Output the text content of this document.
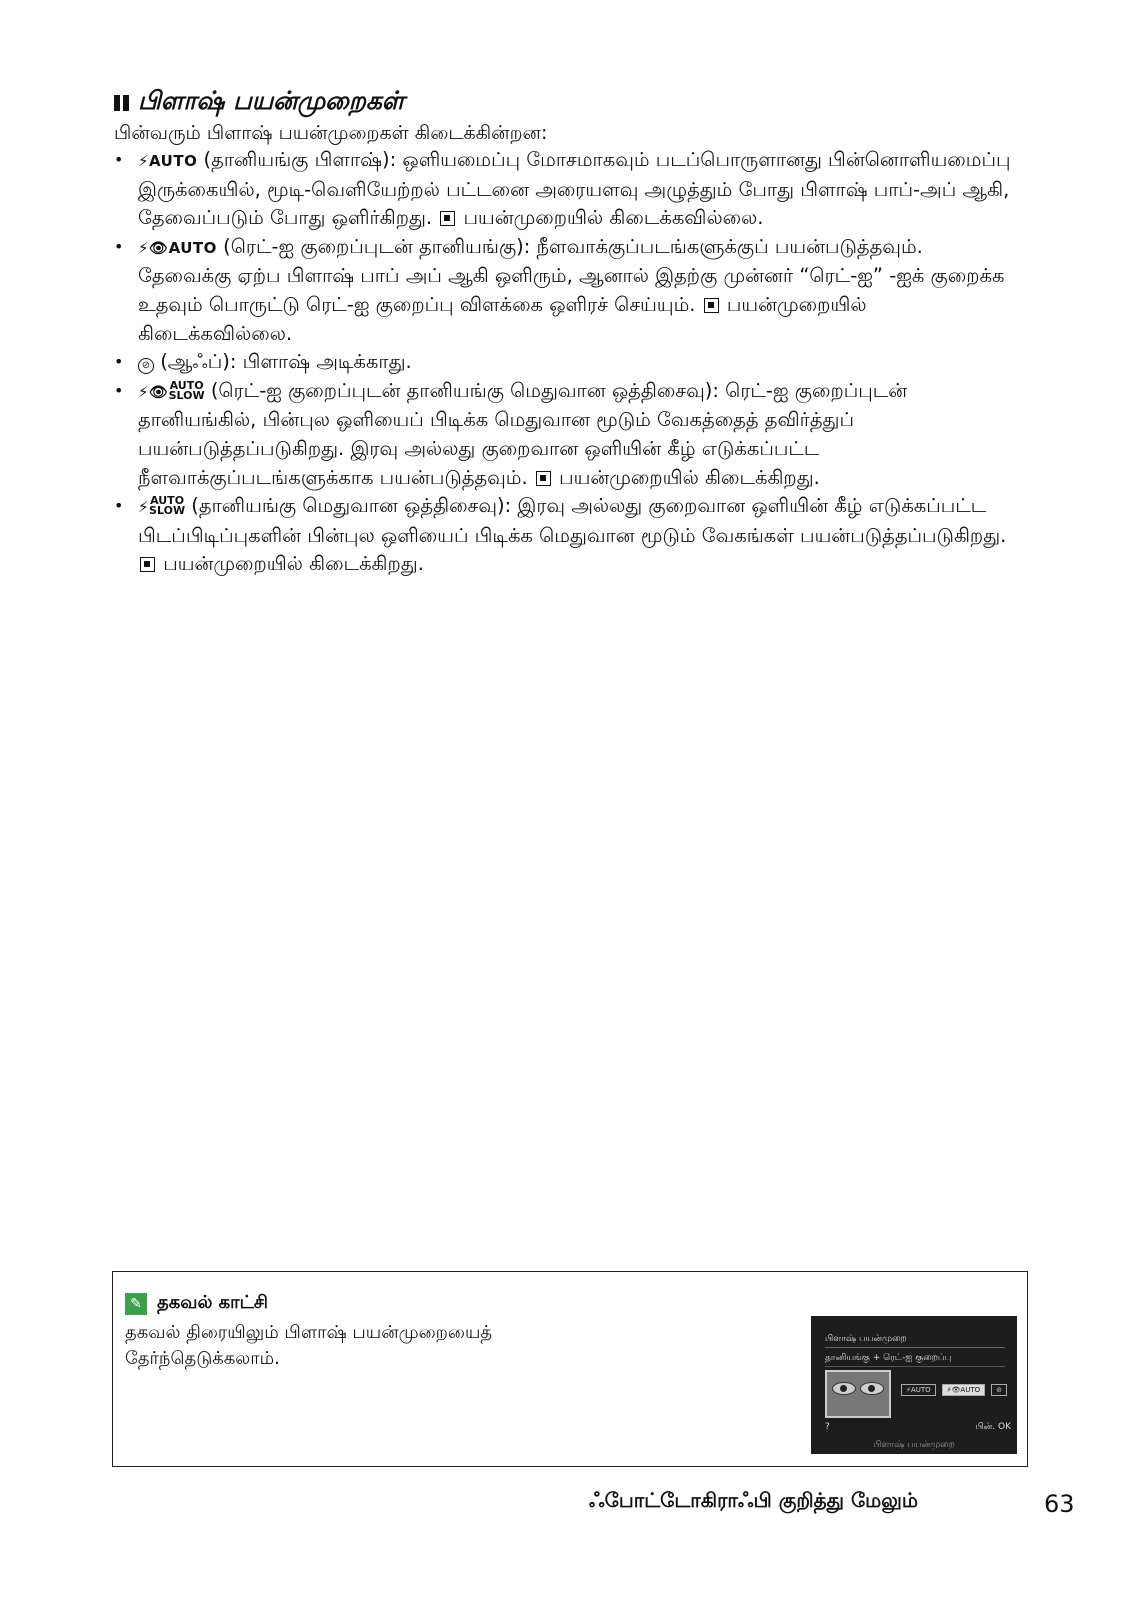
பிளாஷ் பயன்முறைகள்
பின்வரும் பிளாஷ் பயன்முறைகள் கிடைக்கின்றன:
• ⚡AUTO (தானியங்கு பிளாஷ்): ஒளியமைப்பு மோசமாகவும் படப்பொருளானது பின்னொளியமைப்பு இருக்கையில், மூடி-வெளியேற்றல் பட்டனை அரையளவு அழுத்தும் போது பிளாஷ் பாப்-அப் ஆகி, தேவைப்படும் போது ஒளிர்கிறது. பயன்முறையில் கிடைக்கவில்லை.
• ⚡👁AUTO (ரெட்-ஐ குறைப்புடன் தானியங்கு): நீளவாக்குப்படங்களுக்குப் பயன்படுத்தவும். தேவைக்கு ஏற்ப பிளாஷ் பாப் அப் ஆகி ஒளிரும், ஆனால் இதற்கு முன்னர் “ரெட்-ஐ” -ஐக் குறைக்க உதவும் பொருட்டு ரெட்-ஐ குறைப்பு விளக்கை ஒளிரச் செய்யும். பயன்முறையில் கிடைக்கவில்லை.
• ⊘ (ஆஃப்): பிளாஷ் அடிக்காது.
• ⚡👁AUTO
SLOW (ரெட்-ஐ குறைப்புடன் தானியங்கு மெதுவான ஒத்திசைவு): ரெட்-ஐ குறைப்புடன் தானியங்கில், பின்புல ஒளியைப் பிடிக்க மெதுவான மூடும் வேகத்தைத் தவிர்த்துப் பயன்படுத்தப்படுகிறது. இரவு அல்லது குறைவான ஒளியின் கீழ் எடுக்கப்பட்ட நீளவாக்குப்படங்களுக்காக பயன்படுத்தவும். பயன்முறையில் கிடைக்கிறது.
• ⚡AUTO
SLOW (தானியங்கு மெதுவான ஒத்திசைவு): இரவு அல்லது குறைவான ஒளியின் கீழ் எடுக்கப்பட்ட பிடப்பிடிப்புகளின் பின்புல ஒளியைப் பிடிக்க மெதுவான மூடும் வேகங்கள் பயன்படுத்தப்படுகிறது.  பயன்முறையில் கிடைக்கிறது.
✎ தகவல் காட்சி
தகவல் திரையிலும் பிளாஷ் பயன்முறையைத் தேர்ந்தெடுக்கலாம்.
பிளாஷ் பயன்முறை
தானியங்கு + ரெட்-ஐ குறைப்பு
⚡AUTO	⚡👁AUTO	⊘
?	பின். OK
பிளாஷ் பயன்முறை
ஃபோட்டோகிராஃபி குறித்து மேலும்	63
